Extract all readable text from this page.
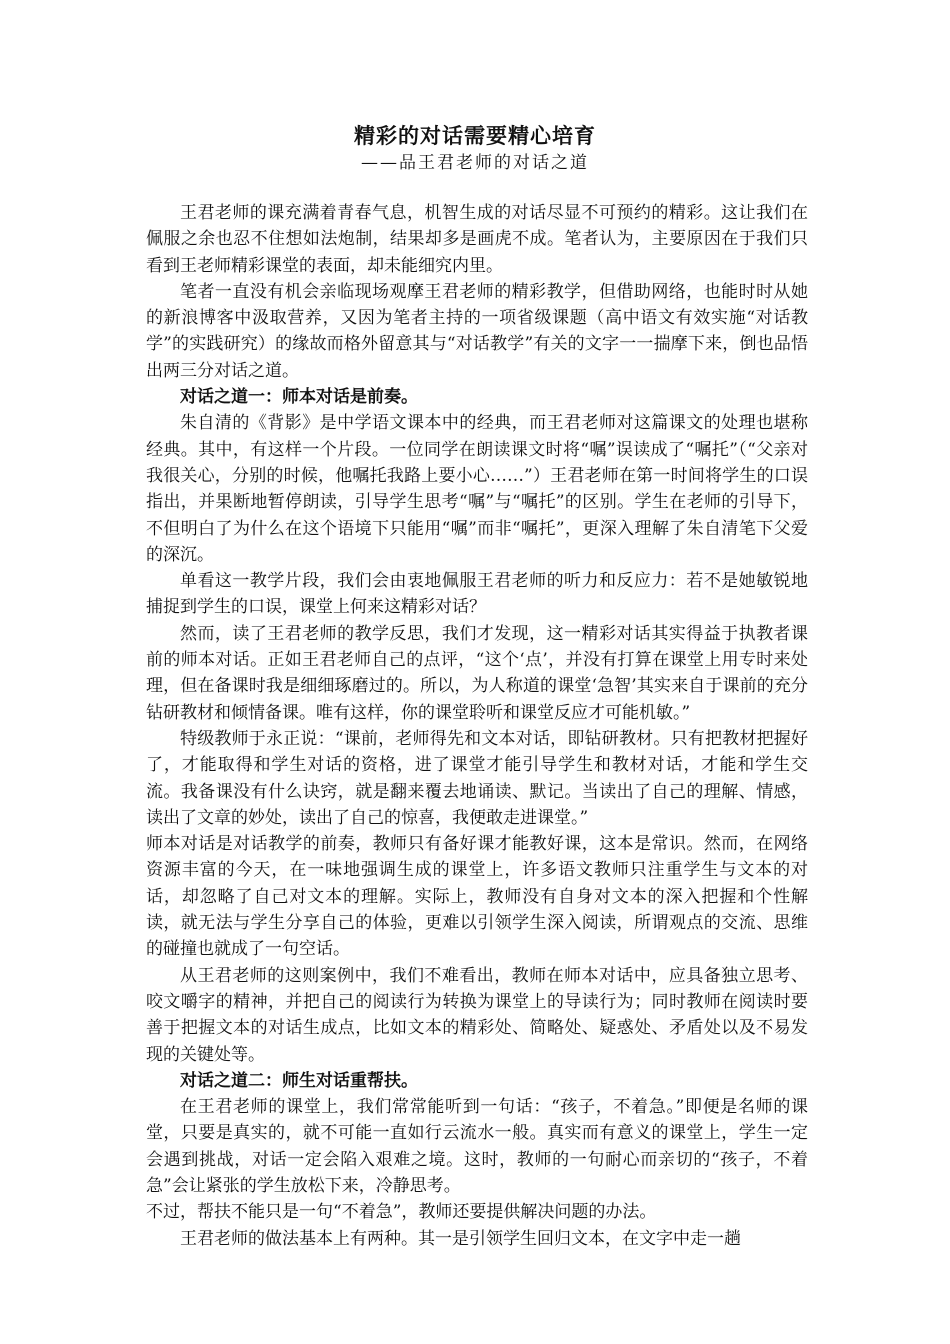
精彩的对话需要精心培育
——品王君老师的对话之道

王君老师的课充满着青春气息，机智生成的对话尽显不可预约的精彩。这让我们在佩服之余也忍不住想如法炮制，结果却多是画虎不成。笔者认为，主要原因在于我们只看到王老师精彩课堂的表面，却未能细究内里。

笔者一直没有机会亲临现场观摩王君老师的精彩教学，但借助网络，也能时时从她的新浪博客中汲取营养，又因为笔者主持的一项省级课题（高中语文有效实施“对话教学”的实践研究）的缘故而格外留意其与“对话教学”有关的文字一一揣摩下来，倒也品悟出两三分对话之道。

对话之道一：师本对话是前奏。

朱自清的《背影》是中学语文课本中的经典，而王君老师对这篇课文的处理也堪称经典。其中，有这样一个片段。一位同学在朗读课文时将“嘱”误读成了“嘱托”（“父亲对我很关心，分别的时候，他嘱托我路上要小心……”）王君老师在第一时间将学生的口误指出，并果断地暂停朗读，引导学生思考“嘱”与“嘱托”的区别。学生在老师的引导下，不但明白了为什么在这个语境下只能用“嘱”而非“嘱托”，更深入理解了朱自清笔下父爱的深沉。

单看这一教学片段，我们会由衷地佩服王君老师的听力和反应力：若不是她敏锐地捕捉到学生的口误，课堂上何来这精彩对话？

然而，读了王君老师的教学反思，我们才发现，这一精彩对话其实得益于执教者课前的师本对话。正如王君老师自己的点评，“这个‘点’，并没有打算在课堂上用专时来处理，但在备课时我是细细琢磨过的。所以，为人称道的课堂‘急智’其实来自于课前的充分钻研教材和倾情备课。唯有这样，你的课堂聆听和课堂反应才可能机敏。”

特级教师于永正说：“课前，老师得先和文本对话，即钻研教材。只有把教材把握好了，才能取得和学生对话的资格，进了课堂才能引导学生和教材对话，才能和学生交流。我备课没有什么诀窍，就是翻来覆去地诵读、默记。当读出了自己的理解、情感，读出了文章的妙处，读出了自己的惊喜，我便敢走进课堂。”

师本对话是对话教学的前奏，教师只有备好课才能教好课，这本是常识。然而，在网络资源丰富的今天，在一味地强调生成的课堂上，许多语文教师只注重学生与文本的对话，却忽略了自己对文本的理解。实际上，教师没有自身对文本的深入把握和个性解读，就无法与学生分享自己的体验，更难以引领学生深入阅读，所谓观点的交流、思维的碰撞也就成了一句空话。

从王君老师的这则案例中，我们不难看出，教师在师本对话中，应具备独立思考、咬文嚼字的精神，并把自己的阅读行为转换为课堂上的导读行为；同时教师在阅读时要善于把握文本的对话生成点，比如文本的精彩处、简略处、疑惑处、矛盾处以及不易发现的关键处等。

对话之道二：师生对话重帮扶。

在王君老师的课堂上，我们常常能听到一句话：“孩子，不着急。”即便是名师的课堂，只要是真实的，就不可能一直如行云流水一般。真实而有意义的课堂上，学生一定会遇到挑战，对话一定会陷入艰难之境。这时，教师的一句耐心而亲切的“孩子，不着急”会让紧张的学生放松下来，冷静思考。

不过，帮扶不能只是一句“不着急”，教师还要提供解决问题的办法。

王君老师的做法基本上有两种。其一是引领学生回归文本，在文字中走一趟
